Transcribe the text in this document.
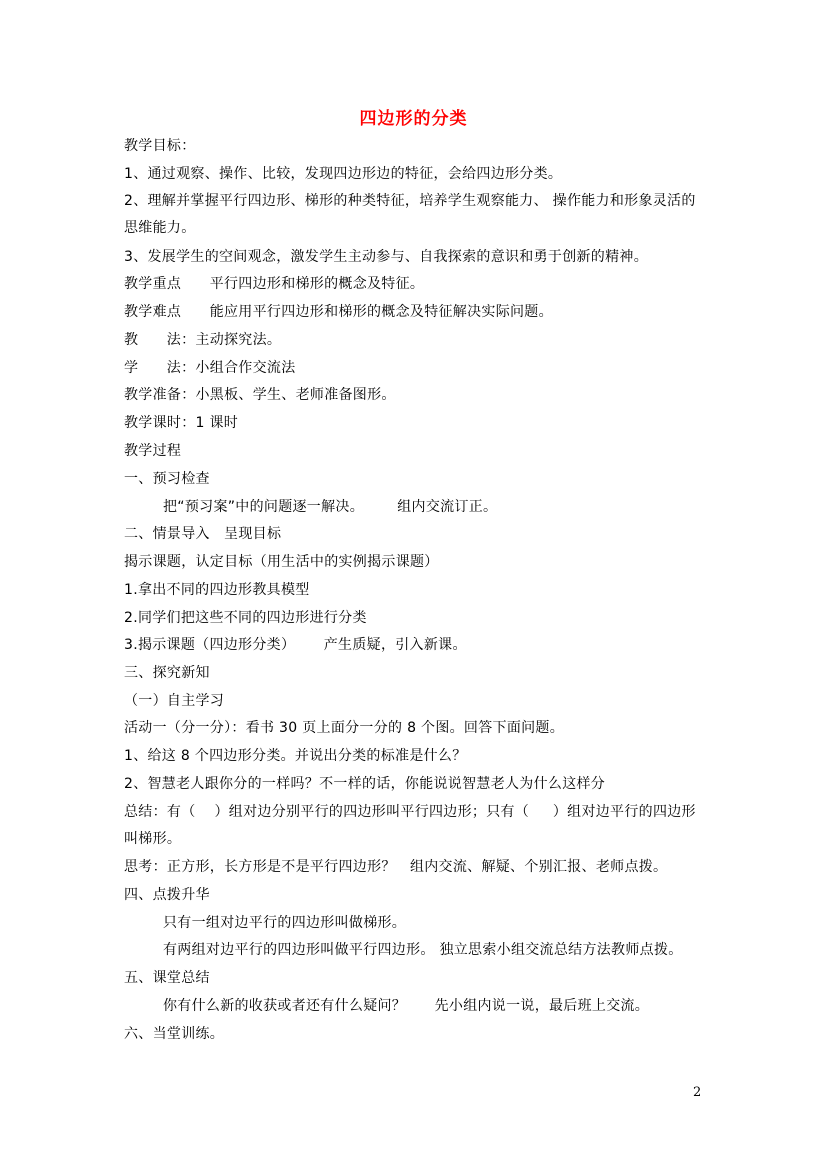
四边形的分类
教学目标：
1、通过观察、操作、比较，发现四边形边的特征，会给四边形分类。
2、理解并掌握平行四边形、梯形的种类特征，培养学生观察能力、 操作能力和形象灵活的
思维能力。
3、发展学生的空间观念，激发学生主动参与、自我探索的意识和勇于创新的精神。
教学重点      平行四边形和梯形的概念及特征。
教学难点      能应用平行四边形和梯形的概念及特征解决实际问题。
教      法：主动探究法。
学      法：小组合作交流法
教学准备：小黑板、学生、老师准备图形。
教学课时：1 课时
教学过程
一、预习检查
把“预习案”中的问题逐一解决。       组内交流订正。
二、情景导入   呈现目标
揭示课题，认定目标（用生活中的实例揭示课题）
1.拿出不同的四边形教具模型
2.同学们把这些不同的四边形进行分类
3.揭示课题（四边形分类）      产生质疑，引入新课。
三、探究新知
（一）自主学习
活动一（分一分）：看书 30 页上面分一分的 8 个图。回答下面问题。
1、给这 8 个四边形分类。并说出分类的标准是什么？
2、智慧老人跟你分的一样吗？不一样的话，你能说说智慧老人为什么这样分
总结：有（    ）组对边分别平行的四边形叫平行四边形；只有（     ）组对边平行的四边形
叫梯形。
思考：正方形，长方形是不是平行四边形？   组内交流、解疑、个别汇报、老师点拨。
四、点拨升华
只有一组对边平行的四边形叫做梯形。
有两组对边平行的四边形叫做平行四边形。 独立思索小组交流总结方法教师点拨。
五、课堂总结
你有什么新的收获或者还有什么疑问？      先小组内说一说，最后班上交流。
六、当堂训练。
2
